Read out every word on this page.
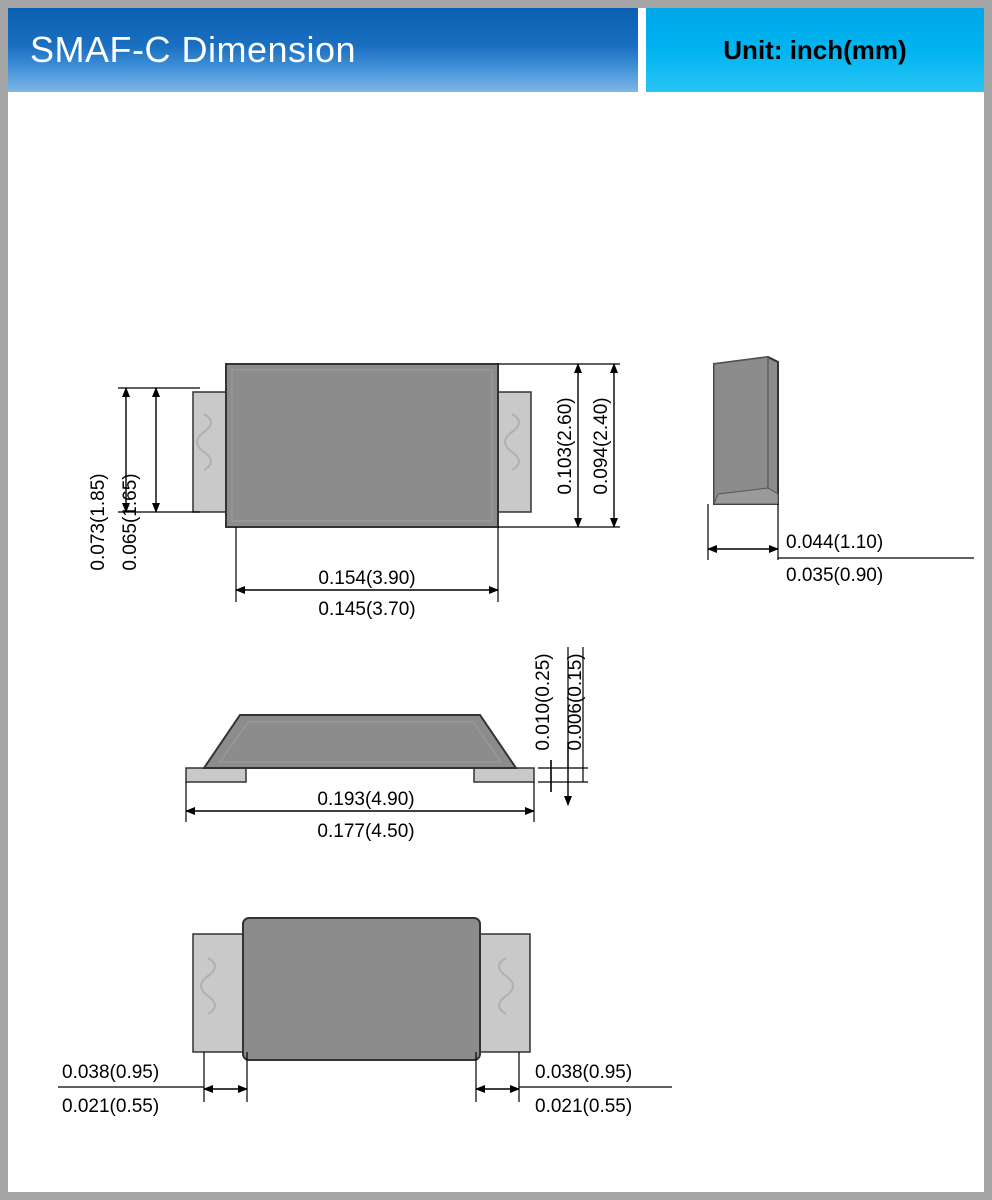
SMAF-C Dimension	Unit: inch(mm)
0.103(2.60) 0.094(2.40)
0.073(1.85) 0.065(1.65)
0.154(3.90)
0.145(3.70)
0.044(1.10)
0.035(0.90)
0.010(0.25) 0.006(0.15)
0.193(4.90)
0.177(4.50)
0.038(0.95)
0.021(0.55)
0.038(0.95)
0.021(0.55)
